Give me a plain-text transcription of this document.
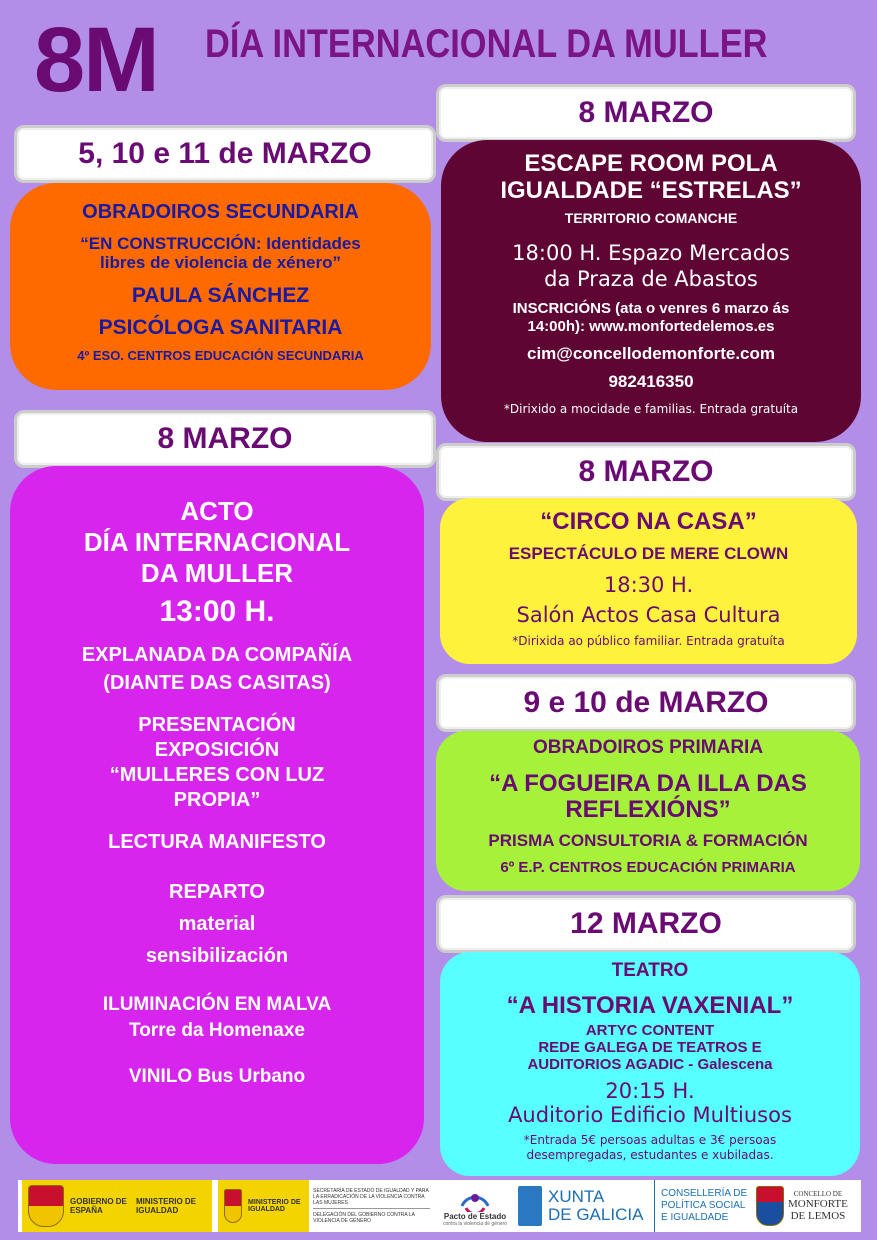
8M DÍA INTERNACIONAL DA MULLER
5, 10 e 11 de MARZO
OBRADOIROS SECUNDARIA
“EN CONSTRUCCIÓN: Identidades
libres de violencia de xénero”
PAULA SÁNCHEZ
PSICÓLOGA SANITARIA
4º ESO. CENTROS EDUCACIÓN SECUNDARIA
8 MARZO
ESCAPE ROOM POLA
IGUALDADE “ESTRELAS”
TERRITORIO COMANCHE
18:00 H. Espazo Mercados
da Praza de Abastos
INSCRICIÓNS (ata o venres 6 marzo ás
14:00h): www.monfortedelemos.es
cim@concellodemonforte.com
982416350
*Dirixido a mocidade e familias. Entrada gratuíta
8 MARZO
ACTO
DÍA INTERNACIONAL
DA MULLER
13:00 H.
EXPLANADA DA COMPAÑÍA
(DIANTE DAS CASITAS)
PRESENTACIÓN
EXPOSICIÓN
“MULLERES CON LUZ
PROPIA”
LECTURA MANIFESTO
REPARTO
material
sensibilización
ILUMINACIÓN EN MALVA
Torre da Homenaxe
VINILO Bus Urbano
8 MARZO
“CIRCO NA CASA”
ESPECTÁCULO DE MERE CLOWN
18:30 H.
Salón Actos Casa Cultura
*Dirixida ao público familiar. Entrada gratuíta
9 e 10 de MARZO
OBRADOIROS PRIMARIA
“A FOGUEIRA DA ILLA DAS
REFLEXIÓNS”
PRISMA CONSULTORIA & FORMACIÓN
6º E.P. CENTROS EDUCACIÓN PRIMARIA
12 MARZO
TEATRO
“A HISTORIA VAXENIAL”
ARTYC CONTENT
REDE GALEGA DE TEATROS E
AUDITORIOS AGADIC - Galescena
20:15 H.
Auditorio Edificio Multiusos
*Entrada 5€ persoas adultas e 3€ persoas
desempregadas, estudantes e xubiladas.
GOBIERNO DE ESPAÑA
MINISTERIO DE IGUALDAD
MINISTERIO DE IGUALDAD
SECRETARÍA DE ESTADO DE IGUALDAD Y PARA LA ERRADICACIÓN DE LA VIOLENCIA CONTRA LAS MUJERES
DELEGACIÓN DEL GOBIERNO CONTRA LA VIOLENCIA DE GÉNERO
Pacto de Estado
contra la violencia de género
XUNTA
DE GALICIA
CONSELLERÍA DE
POLÍTICA SOCIAL
E IGUALDADE
CONCELLO DE
MONFORTE
DE LEMOS
